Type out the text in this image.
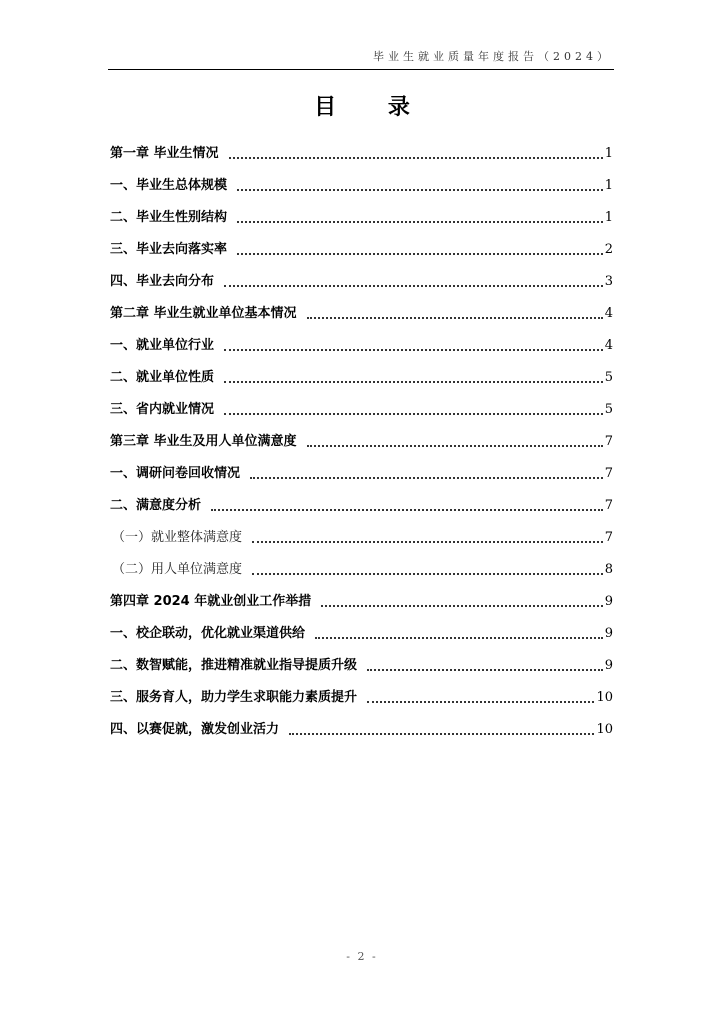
毕业生就业质量年度报告（2024）
目 录
第一章 毕业生情况	1
一、毕业生总体规模	1
二、毕业生性别结构	1
三、毕业去向落实率	2
四、毕业去向分布	3
第二章 毕业生就业单位基本情况	4
一、就业单位行业	4
二、就业单位性质	5
三、省内就业情况	5
第三章 毕业生及用人单位满意度	7
一、调研问卷回收情况	7
二、满意度分析	7
（一）就业整体满意度	7
（二）用人单位满意度	8
第四章 2024 年就业创业工作举措	9
一、校企联动，优化就业渠道供给	9
二、数智赋能，推进精准就业指导提质升级	9
三、服务育人，助力学生求职能力素质提升	10
四、以赛促就，激发创业活力	10
- 2 -
